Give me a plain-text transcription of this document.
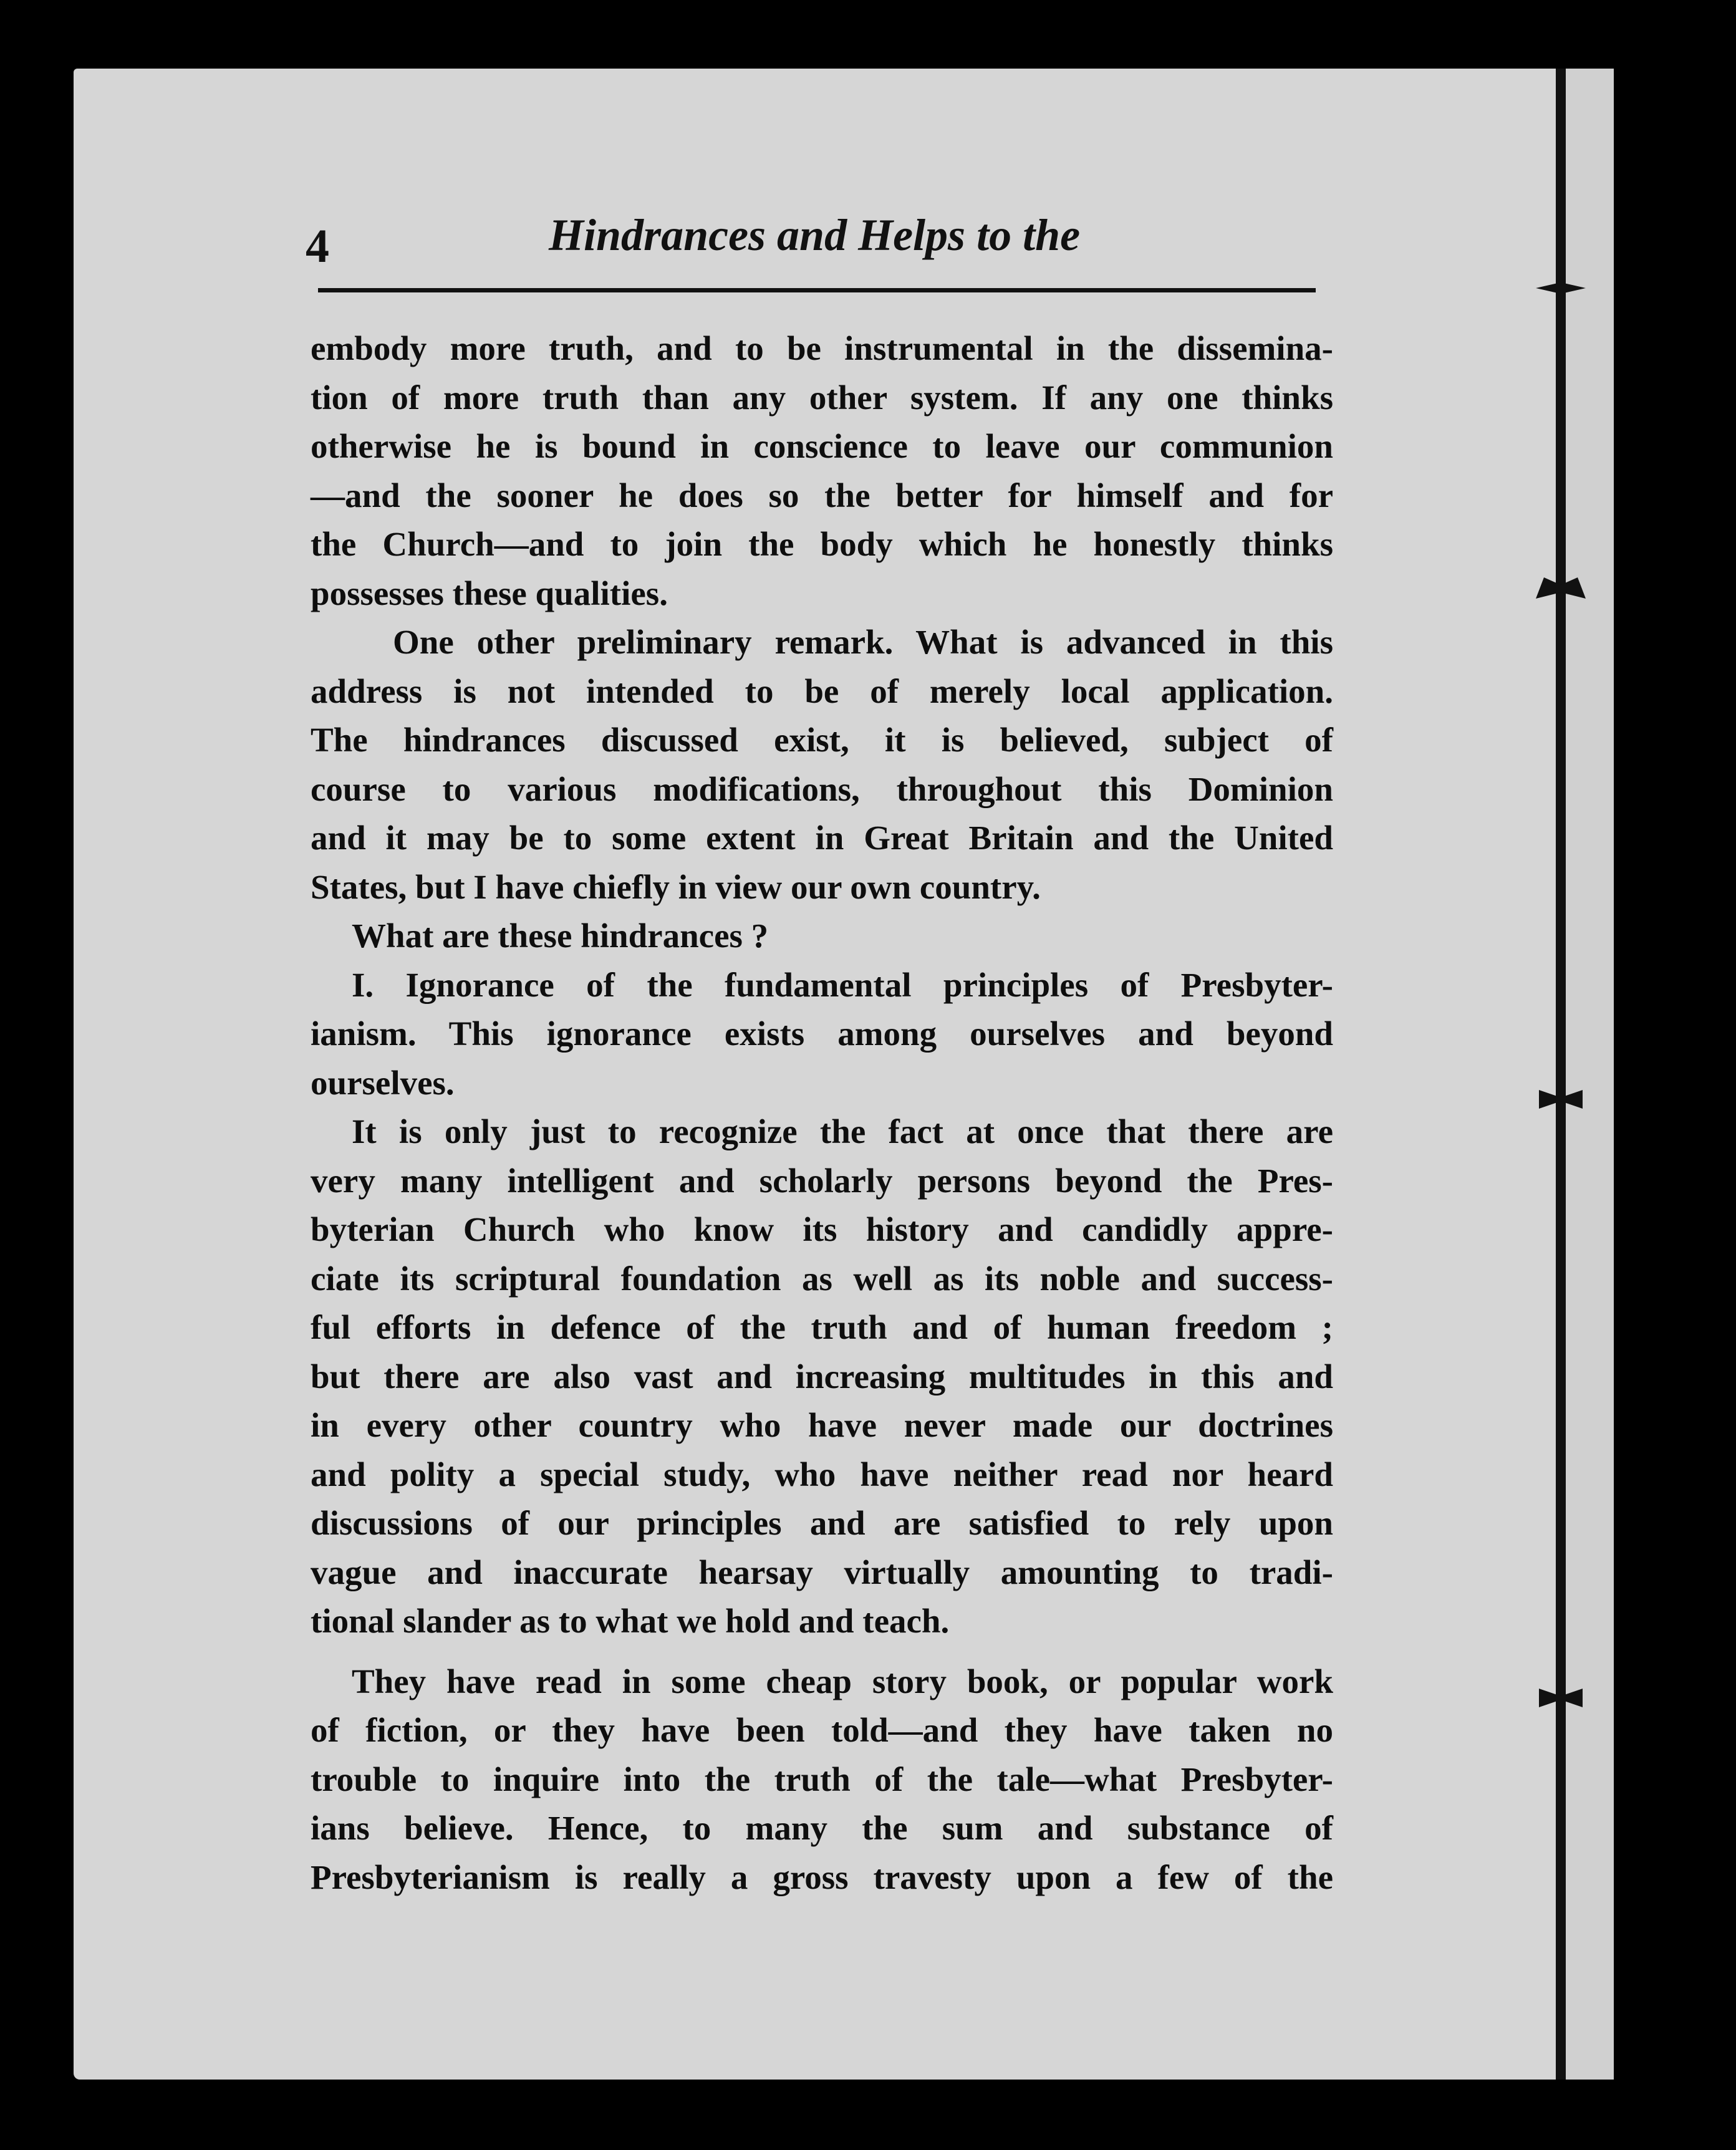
4	Hindrances and Helps to the
embody more truth, and to be instrumental in the dissemina-
tion of more truth than any other system. If any one thinks
otherwise he is bound in conscience to leave our communion
—and the sooner he does so the better for himself and for
the Church—and to join the body which he honestly thinks
possesses these qualities.
One other preliminary remark. What is advanced in this
address is not intended to be of merely local application.
The hindrances discussed exist, it is believed, subject of
course to various modifications, throughout this Dominion
and it may be to some extent in Great Britain and the United
States, but I have chiefly in view our own country.
What are these hindrances ?
I. Ignorance of the fundamental principles of Presbyter-
ianism. This ignorance exists among ourselves and beyond
ourselves.
It is only just to recognize the fact at once that there are
very many intelligent and scholarly persons beyond the Pres-
byterian Church who know its history and candidly appre-
ciate its scriptural foundation as well as its noble and success-
ful efforts in defence of the truth and of human freedom ;
but there are also vast and increasing multitudes in this and
in every other country who have never made our doctrines
and polity a special study, who have neither read nor heard
discussions of our principles and are satisfied to rely upon
vague and inaccurate hearsay virtually amounting to tradi-
tional slander as to what we hold and teach.
They have read in some cheap story book, or popular work
of fiction, or they have been told—and they have taken no
trouble to inquire into the truth of the tale—what Presbyter-
ians believe. Hence, to many the sum and substance of
Presbyterianism is really a gross travesty upon a few of the
